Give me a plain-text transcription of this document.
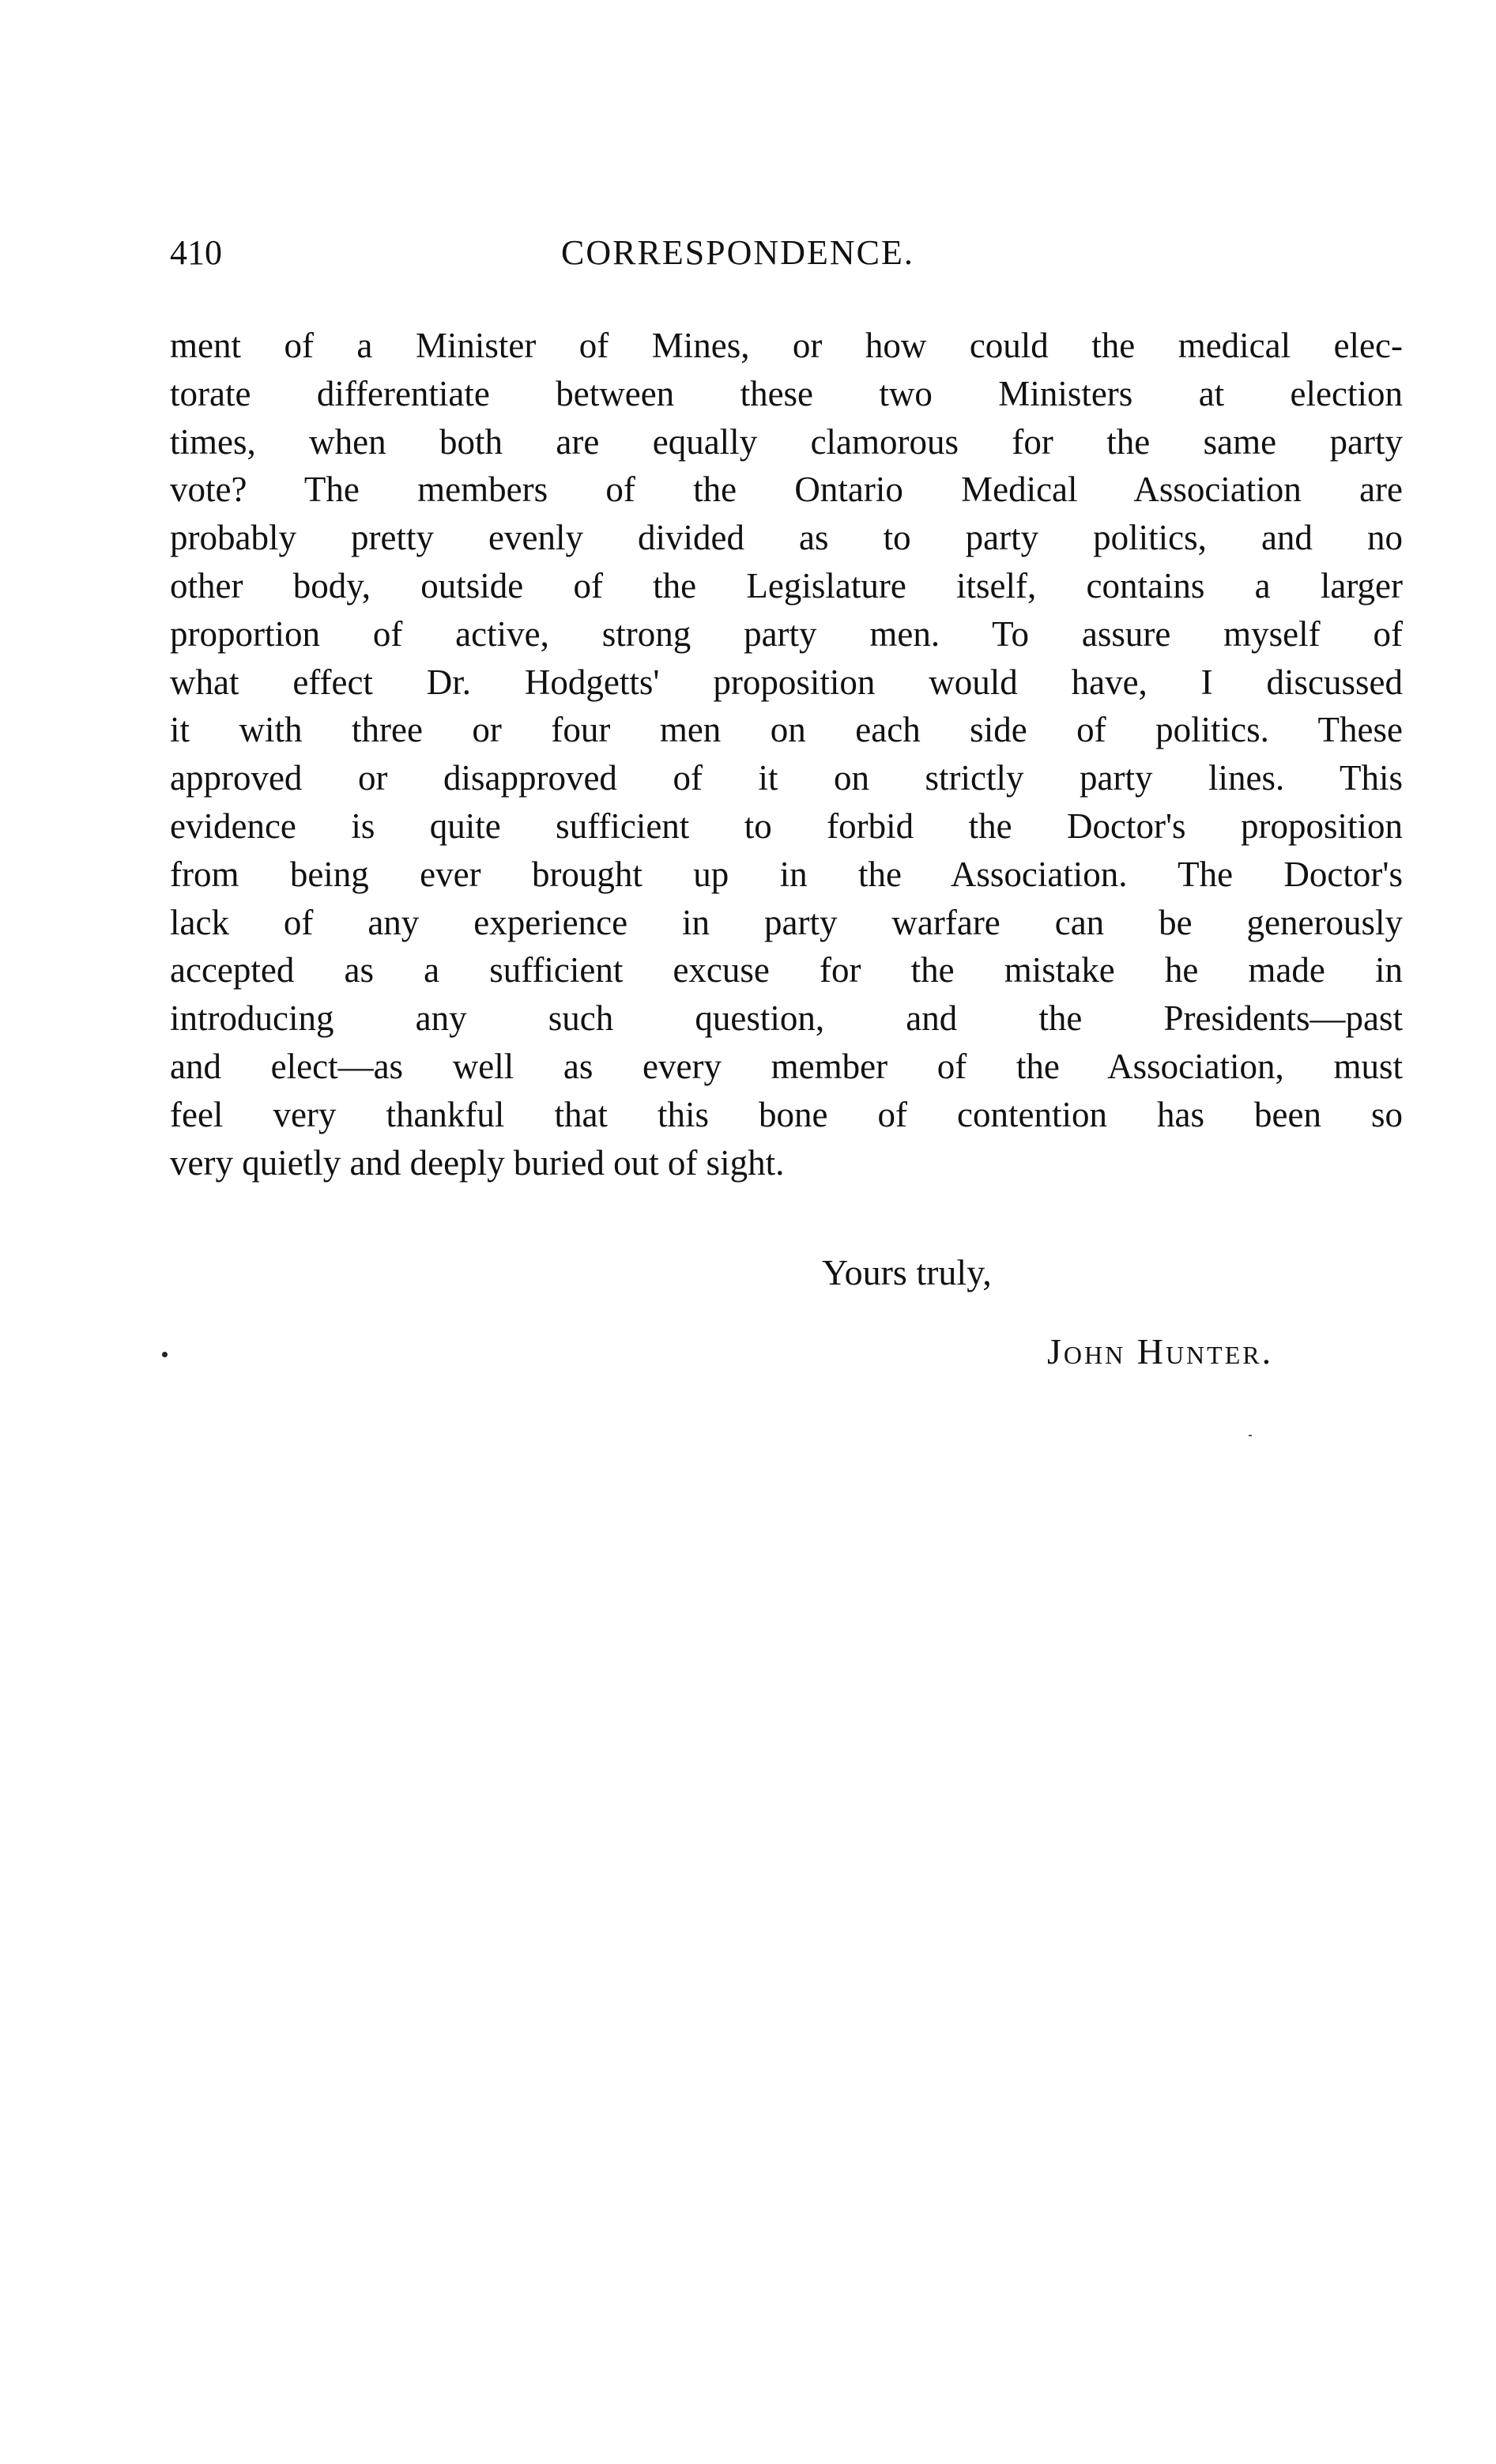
410	CORRESPONDENCE.
ment of a Minister of Mines, or how could the medical elec-
torate differentiate between these two Ministers at election
times, when both are equally clamorous for the same party
vote? The members of the Ontario Medical Association are
probably pretty evenly divided as to party politics, and no
other body, outside of the Legislature itself, contains a larger
proportion of active, strong party men. To assure myself of
what effect Dr. Hodgetts' proposition would have, I discussed
it with three or four men on each side of politics. These
approved or disapproved of it on strictly party lines. This
evidence is quite sufficient to forbid the Doctor's proposition
from being ever brought up in the Association. The Doctor's
lack of any experience in party warfare can be generously
accepted as a sufficient excuse for the mistake he made in
introducing any such question, and the Presidents—past
and elect—as well as every member of the Association, must
feel very thankful that this bone of contention has been so
very quietly and deeply buried out of sight.
Yours truly,
John Hunter.
